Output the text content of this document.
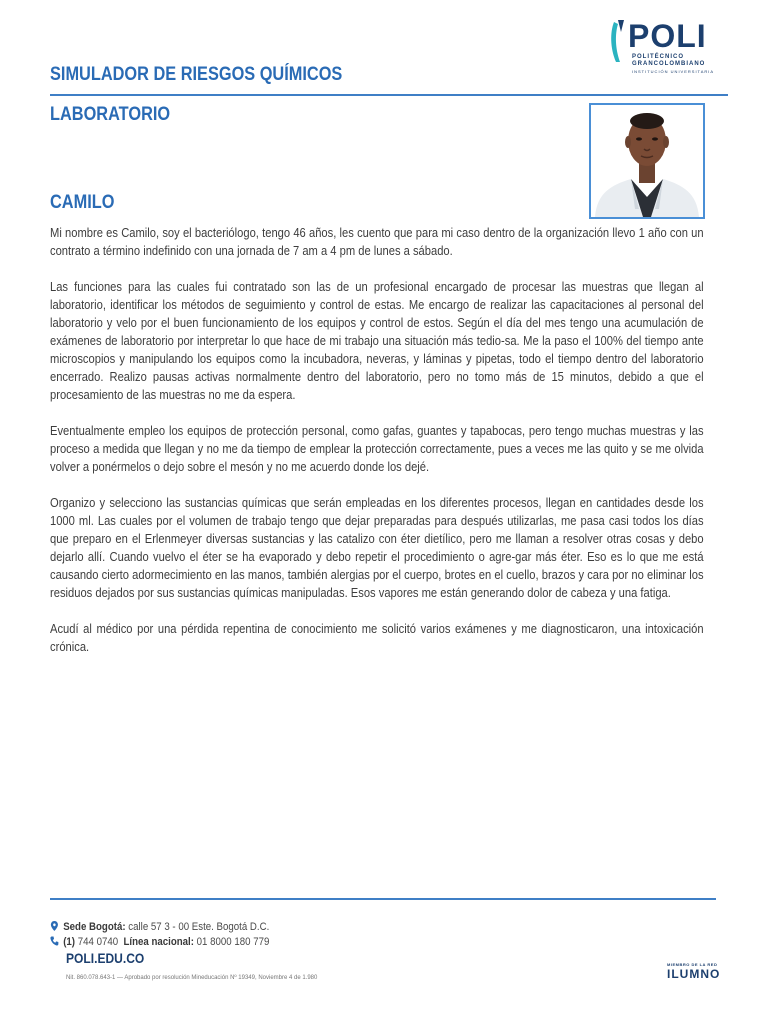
POLI
POLITÉCNICO
GRANCOLOMBIANO
INSTITUCIÓN UNIVERSITARIA
SIMULADOR DE RIESGOS QUÍMICOS
LABORATORIO
CAMILO

Mi nombre es Camilo, soy el bacteriólogo, tengo 46 años, les cuento que para mi caso dentro de la organización llevo 1 año con un contrato a término indefinido con una jornada de 7 am a 4 pm de lunes a sábado.

Las funciones para las cuales fui contratado son las de un profesional encargado de procesar las muestras que llegan al laboratorio, identificar los métodos de seguimiento y control de estas. Me encargo de realizar las capacitaciones al personal del laboratorio y velo por el buen funcionamiento de los equipos y control de estos. Según el día del mes tengo una acumulación de exámenes de laboratorio por interpretar lo que hace de mi trabajo una situación más tedio-sa. Me la paso el 100% del tiempo ante microscopios y manipulando los equipos como la incubadora, neveras, y láminas y pipetas, todo el tiempo dentro del laboratorio encerrado. Realizo pausas activas normalmente dentro del laboratorio, pero no tomo más de 15 minutos, debido a que el procesamiento de las muestras no me da espera.

Eventualmente empleo los equipos de protección personal, como gafas, guantes y tapabocas, pero tengo muchas muestras y las proceso a medida que llegan y no me da tiempo de emplear la protección correctamente, pues a veces me las quito y se me olvida volver a ponérmelos o dejo sobre el mesón y no me acuerdo donde los dejé.

Organizo y selecciono las sustancias químicas que serán empleadas en los diferentes procesos, llegan en cantidades desde los 1000 ml. Las cuales por el volumen de trabajo tengo que dejar preparadas para después utilizarlas, me pasa casi todos los días que preparo en el Erlenmeyer diversas sustancias y las catalizo con éter dietílico, pero me llaman a resolver otras cosas y debo dejarlo allí. Cuando vuelvo el éter se ha evaporado y debo repetir el procedimiento o agre-gar más éter. Eso es lo que me está causando cierto adormecimiento en las manos, también alergias por el cuerpo, brotes en el cuello, brazos y cara por no eliminar los residuos dejados por sus sustancias químicas manipuladas. Esos vapores me están generando dolor de cabeza y una fatiga.

Acudí al médico por una pérdida repentina de conocimiento me solicitó varios exámenes y me diagnosticaron, una intoxicación crónica.

Sede Bogotá: calle 57 3 - 00 Este. Bogotá D.C.
(1) 744 0740 Línea nacional: 01 8000 180 779
POLI.EDU.CO
Nit. 860.078.643-1 — Aprobado por resolución Mineducación Nº 19349, Noviembre 4 de 1.980
MIEMBRO DE LA RED
ILUMNO
